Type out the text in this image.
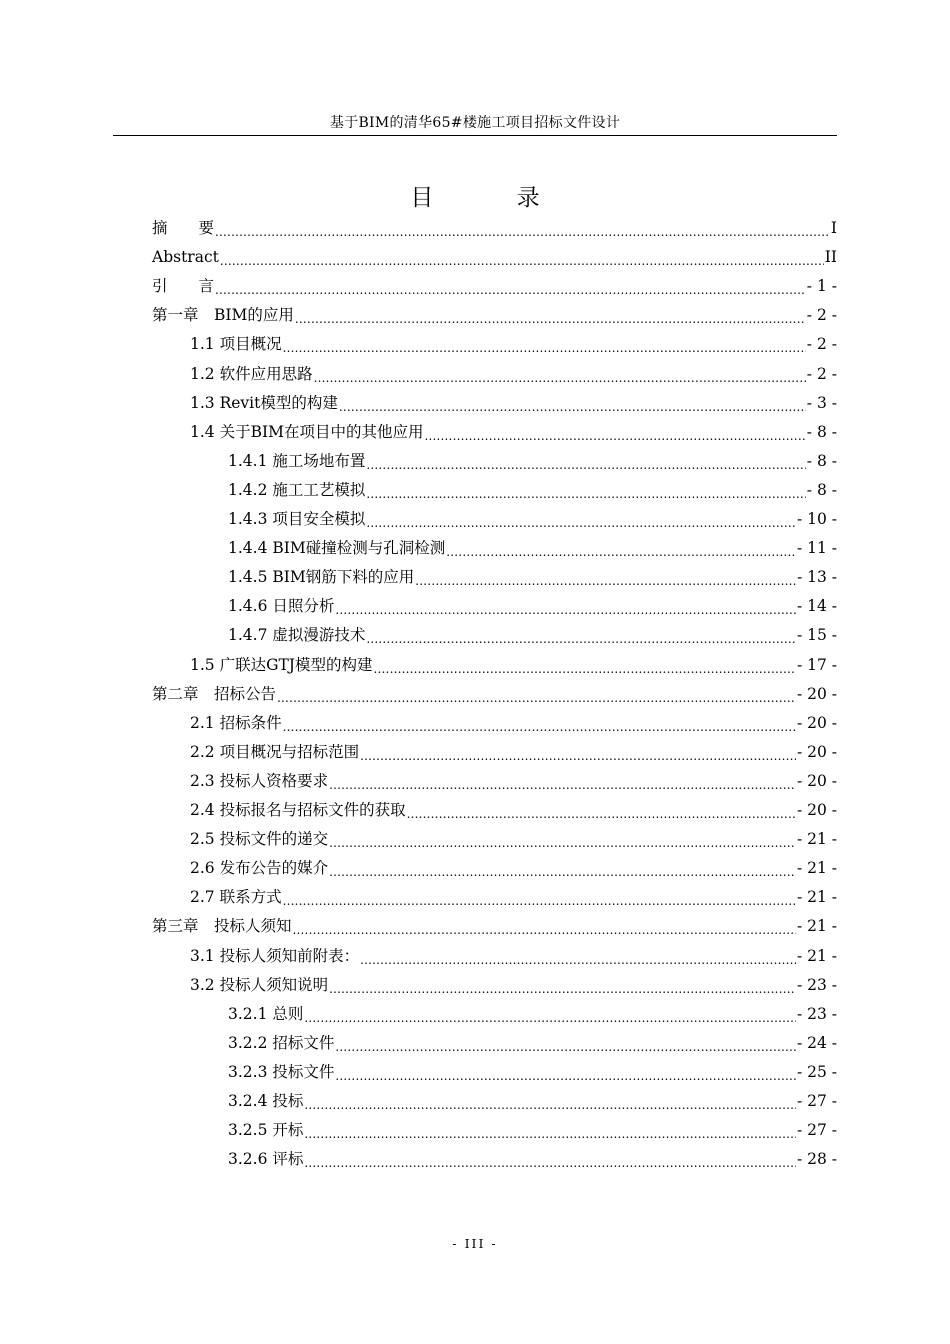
基于BIM的清华65#楼施工项目招标文件设计
目 录
摘　　要 .....	I
Abstract .....	II
引　　言 .....	- 1 -
第一章　BIM的应用 .....	- 2 -
1.1 项目概况 .....	- 2 -
1.2 软件应用思路 .....	- 2 -
1.3 Revit模型的构建 .....	- 3 -
1.4 关于BIM在项目中的其他应用 .....	- 8 -
1.4.1 施工场地布置 .....	- 8 -
1.4.2 施工工艺模拟 .....	- 8 -
1.4.3 项目安全模拟 .....	- 10 -
1.4.4 BIM碰撞检测与孔洞检测 .....	- 11 -
1.4.5 BIM钢筋下料的应用 .....	- 13 -
1.4.6 日照分析 .....	- 14 -
1.4.7 虚拟漫游技术 .....	- 15 -
1.5 广联达GTJ模型的构建 .....	- 17 -
第二章　招标公告 .....	- 20 -
2.1 招标条件 .....	- 20 -
2.2 项目概况与招标范围 .....	- 20 -
2.3 投标人资格要求 .....	- 20 -
2.4 投标报名与招标文件的获取 .....	- 20 -
2.5 投标文件的递交 .....	- 21 -
2.6 发布公告的媒介 .....	- 21 -
2.7 联系方式 .....	- 21 -
第三章　投标人须知 .....	- 21 -
3.1 投标人须知前附表： .....	- 21 -
3.2 投标人须知说明 .....	- 23 -
3.2.1 总则 .....	- 23 -
3.2.2 招标文件 .....	- 24 -
3.2.3 投标文件 .....	- 25 -
3.2.4 投标 .....	- 27 -
3.2.5 开标 .....	- 27 -
3.2.6 评标 .....	- 28 -
- III -
